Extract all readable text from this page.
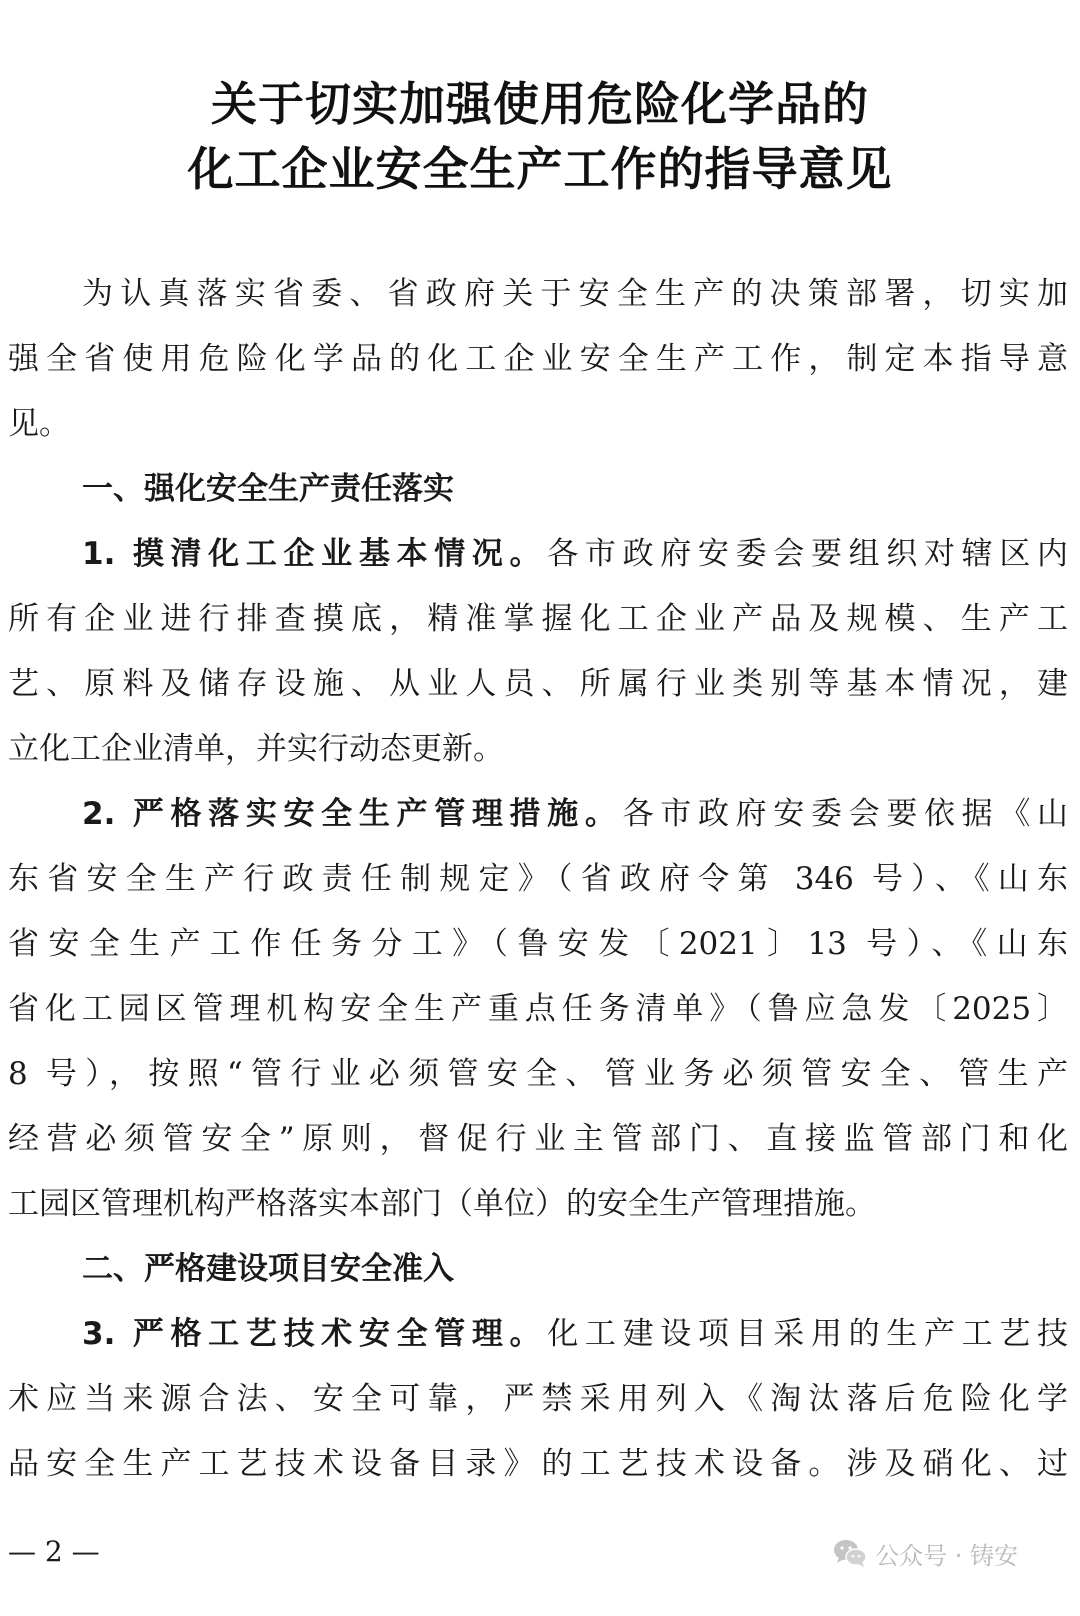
关于切实加强使用危险化学品的
化工企业安全生产工作的指导意见
为认真落实省委、省政府关于安全生产的决策部署，切实加
强全省使用危险化学品的化工企业安全生产工作，制定本指导意
见。
一、强化安全生产责任落实
1. 摸清化工企业基本情况。各市政府安委会要组织对辖区内
所有企业进行排查摸底，精准掌握化工企业产品及规模、生产工
艺、原料及储存设施、从业人员、所属行业类别等基本情况，建
立化工企业清单，并实行动态更新。
2. 严格落实安全生产管理措施。各市政府安委会要依据《山
东省安全生产行政责任制规定》（省政府令第 346 号）、《山东
省安全生产工作任务分工》（鲁安发〔2021〕13 号）、《山东
省化工园区管理机构安全生产重点任务清单》（鲁应急发〔2025〕
8 号），按照“管行业必须管安全、管业务必须管安全、管生产
经营必须管安全”原则，督促行业主管部门、直接监管部门和化
工园区管理机构严格落实本部门（单位）的安全生产管理措施。
二、严格建设项目安全准入
3. 严格工艺技术安全管理。化工建设项目采用的生产工艺技
术应当来源合法、安全可靠，严禁采用列入《淘汰落后危险化学
品安全生产工艺技术设备目录》的工艺技术设备。涉及硝化、过
— 2 —	公众号 · 铸安
